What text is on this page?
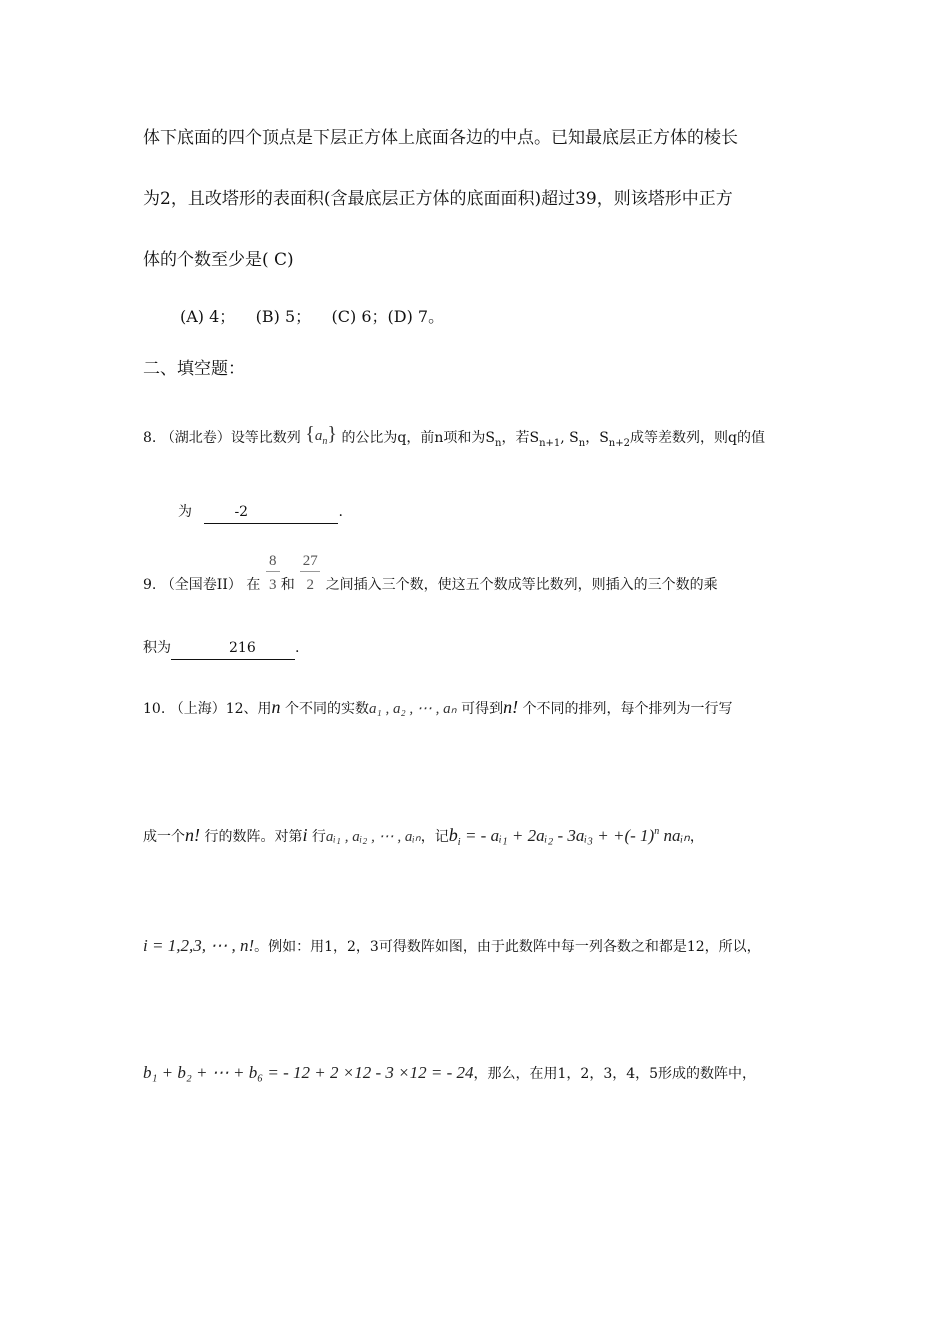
体下底面的四个顶点是下层正方体上底面各边的中点。已知最底层正方体的棱长
为2，且改塔形的表面积(含最底层正方体的底面面积)超过39，则该塔形中正方
体的个数至少是( C)
(A) 4； (B) 5； (C) 6；(D) 7。
二、填空题：
8. （湖北卷）设等比数列 $\{a_n\}$ 的公比为q，前n项和为$S_n$，若$S_{n+1}$, $S_n$，$S_{n+2}$成等差数列，则q的值
为	-2	.
9. （全国卷II） 在 $\frac{8}{3}$ 和 $\frac{27}{2}$ 之间插入三个数，使这五个数成等比数列，则插入的三个数的乘
积为	216	.
10. （上海）12、用n 个不同的实数a₁ , a₂ , ⋯ , aₙ 可得到n! 个不同的排列，每个排列为一行写
成一个n! 行的数阵。对第i 行aᵢ₁ , aᵢ₂ , ⋯ , aᵢₙ，记$b_i$ = - aᵢ₁ + 2aᵢ₂ - 3aᵢ₃ + +(- 1)$^n$ naᵢₙ，
i = 1,2,3, ⋯ , n!。例如：用1，2，3可得数阵如图，由于此数阵中每一列各数之和都是12，所以，
b₁ + b₂ + ⋯ + b₆ = - 12 + 2 ×12 - 3 ×12 = - 24，那么，在用1，2，3，4，5形成的数阵中，
